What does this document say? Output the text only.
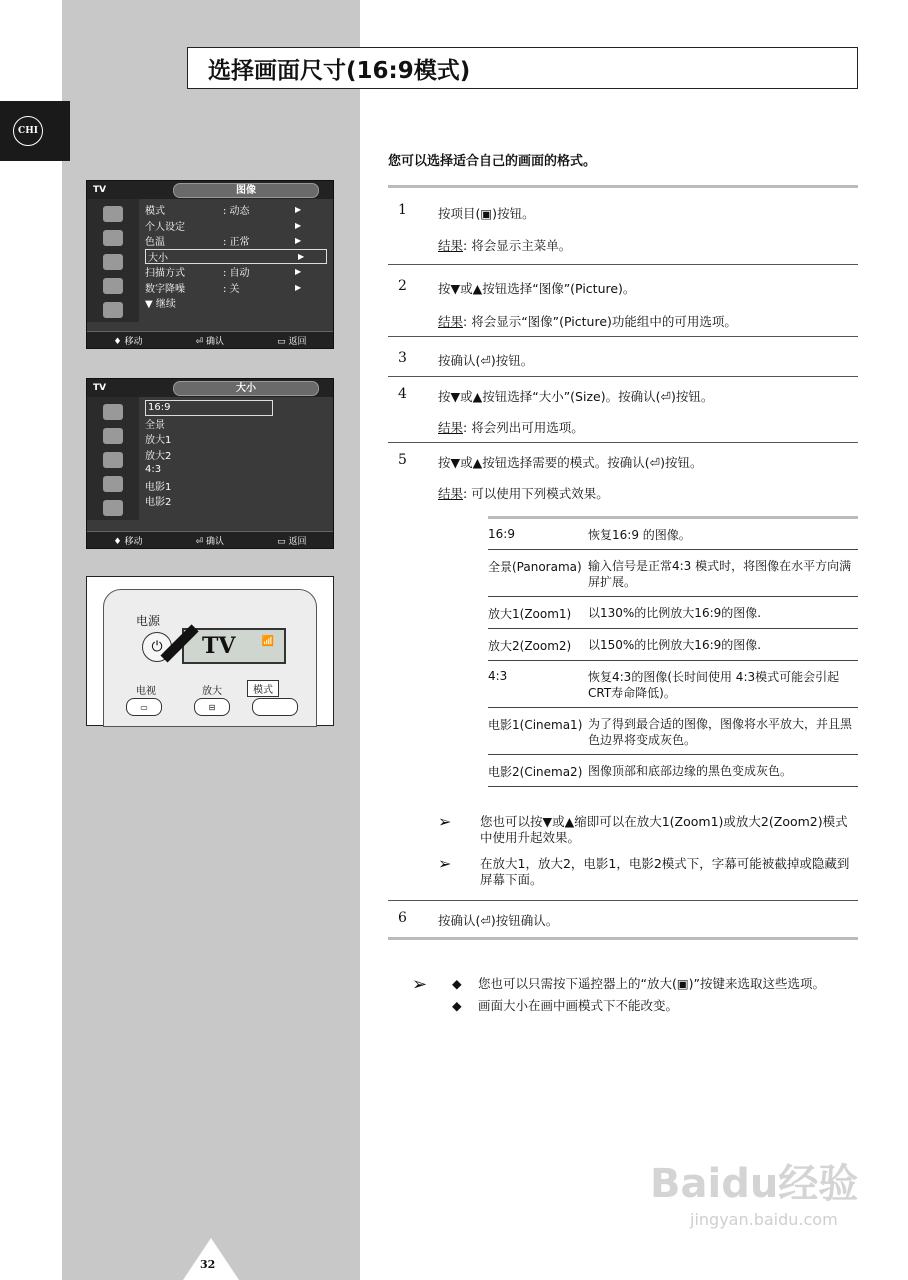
CHI
选择画面尺寸(16:9模式)
TV	图像
模式	: 动态	▶
个人设定	▶
色温	: 正常	▶
大小	▶
扫描方式	: 自动	▶
数字降噪	: 关	▶
▼ 继续
♦ 移动	⏎ 确认	▭ 返回
TV	大小
16:9
全景
放大1
放大2
4:3
电影1
电影2
♦ 移动	⏎ 确认	▭ 返回
电源
⏻	TV	📶
电视	放大	模式
▭	⊟
您可以选择适合自己的画面的格式。
1 按项目(▣)按钮。
结果: 将会显示主菜单。
2 按▼或▲按钮选择“图像”(Picture)。
结果: 将会显示“图像”(Picture)功能组中的可用选项。
3 按确认(⏎)按钮。
4 按▼或▲按钮选择“大小”(Size)。按确认(⏎)按钮。
结果: 将会列出可用选项。
5 按▼或▲按钮选择需要的模式。按确认(⏎)按钮。
结果: 可以使用下列模式效果。
16:9	恢复16:9 的图像。
全景(Panorama) 输入信号是正常4:3 模式时，将图像在水平方向满屏扩展。
放大1(Zoom1)	以130%的比例放大16:9的图像.
放大2(Zoom2)	以150%的比例放大16:9的图像.
4:3	恢复4:3的图像(长时间使用 4:3模式可能会引起CRT寿命降低)。
电影1(Cinema1) 为了得到最合适的图像，图像将水平放大，并且黑色边界将变成灰色。
电影2(Cinema2) 图像顶部和底部边缘的黑色变成灰色。
➢	您也可以按▼或▲缩即可以在放大1(Zoom1)或放大2(Zoom2)模式中使用升起效果。
➢	在放大1，放大2，电影1，电影2模式下，字幕可能被截掉或隐藏到屏幕下面。
6 按确认(⏎)按钮确认。
➢ ◆	您也可以只需按下遥控器上的“放大(▣)”按键来选取这些选项。
◆	画面大小在画中画模式下不能改变。
Baidu经验
jingyan.baidu.com
32
